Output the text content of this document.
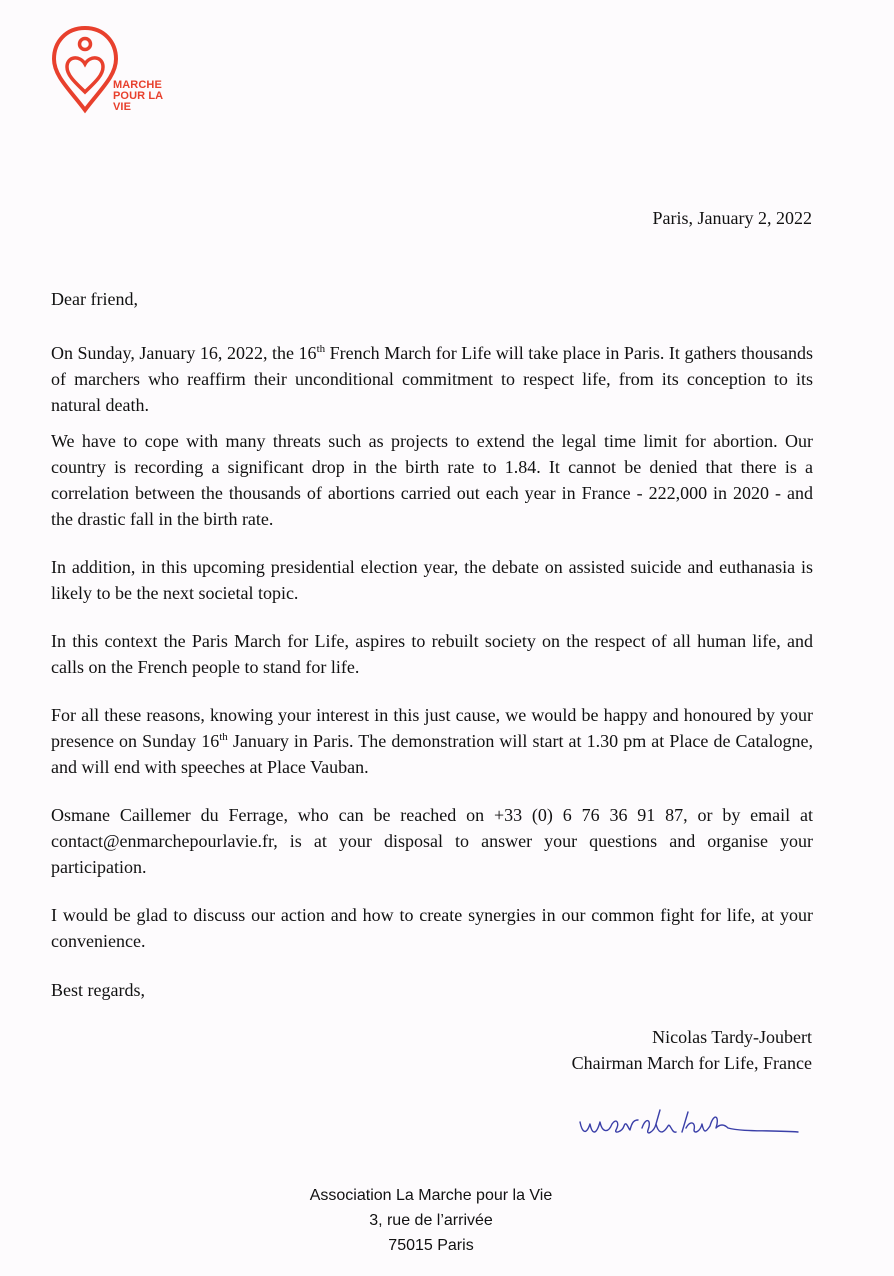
MARCHE
POUR LA
VIE
Paris, January 2, 2022

Dear friend,

On Sunday, January 16, 2022, the 16th French March for Life will take place in Paris. It gathers thousands of marchers who reaffirm their unconditional commitment to respect life, from its conception to its natural death.

We have to cope with many threats such as projects to extend the legal time limit for abortion. Our country is recording a significant drop in the birth rate to 1.84. It cannot be denied that there is a correlation between the thousands of abortions carried out each year in France - 222,000 in 2020 - and the drastic fall in the birth rate.

In addition, in this upcoming presidential election year, the debate on assisted suicide and euthanasia is likely to be the next societal topic.

In this context the Paris March for Life, aspires to rebuilt society on the respect of all human life, and calls on the French people to stand for life.

For all these reasons, knowing your interest in this just cause, we would be happy and honoured by your presence on Sunday 16th January in Paris. The demonstration will start at 1.30 pm at Place de Catalogne, and will end with speeches at Place Vauban.

Osmane Caillemer du Ferrage, who can be reached on +33 (0) 6 76 36 91 87, or by email at contact@enmarchepourlavie.fr, is at your disposal to answer your questions and organise your participation.

I would be glad to discuss our action and how to create synergies in our common fight for life, at your convenience.

Best regards,
Nicolas Tardy-Joubert
Chairman March for Life, France
Association La Marche pour la Vie
3, rue de l’arrivée
75015 Paris
